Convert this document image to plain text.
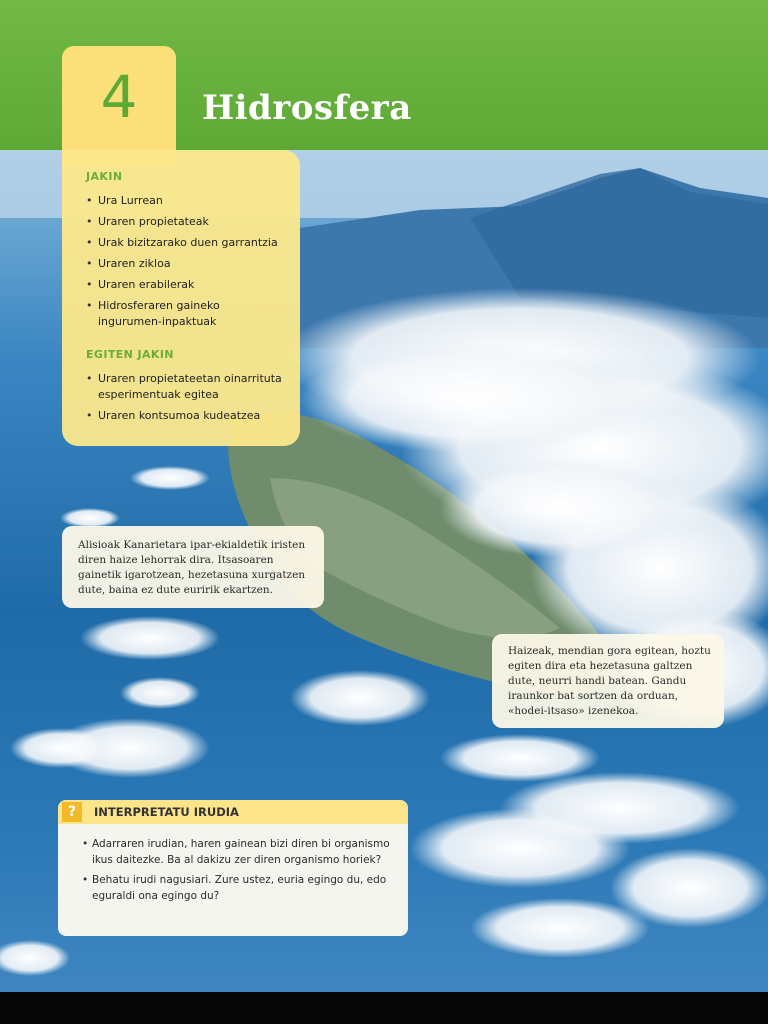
4	Hidrosfera
JAKIN
• Ura Lurrean
• Uraren propietateak
• Urak bizitzarako duen garrantzia
• Uraren zikloa
• Uraren erabilerak
• Hidrosferaren gaineko ingurumen-inpaktuak
EGITEN JAKIN
• Uraren propietateetan oinarrituta esperimentuak egitea
• Uraren kontsumoa kudeatzea
Alisioak Kanarietara ipar-ekialdetik iristen diren haize lehorrak dira. Itsasoaren gainetik igarotzean, hezetasuna xurgatzen dute, baina ez dute euririk ekartzen.
Haizeak, mendian gora egitean, hoztu egiten dira eta hezetasuna galtzen dute, neurri handi batean. Gandu iraunkor bat sortzen da orduan, «hodei-itsaso» izenekoa.
?	INTERPRETATU IRUDIA
• Adarraren irudian, haren gainean bizi diren bi organismo ikus daitezke. Ba al dakizu zer diren organismo horiek?
• Behatu irudi nagusiari. Zure ustez, euria egingo du, edo eguraldi ona egingo du?
